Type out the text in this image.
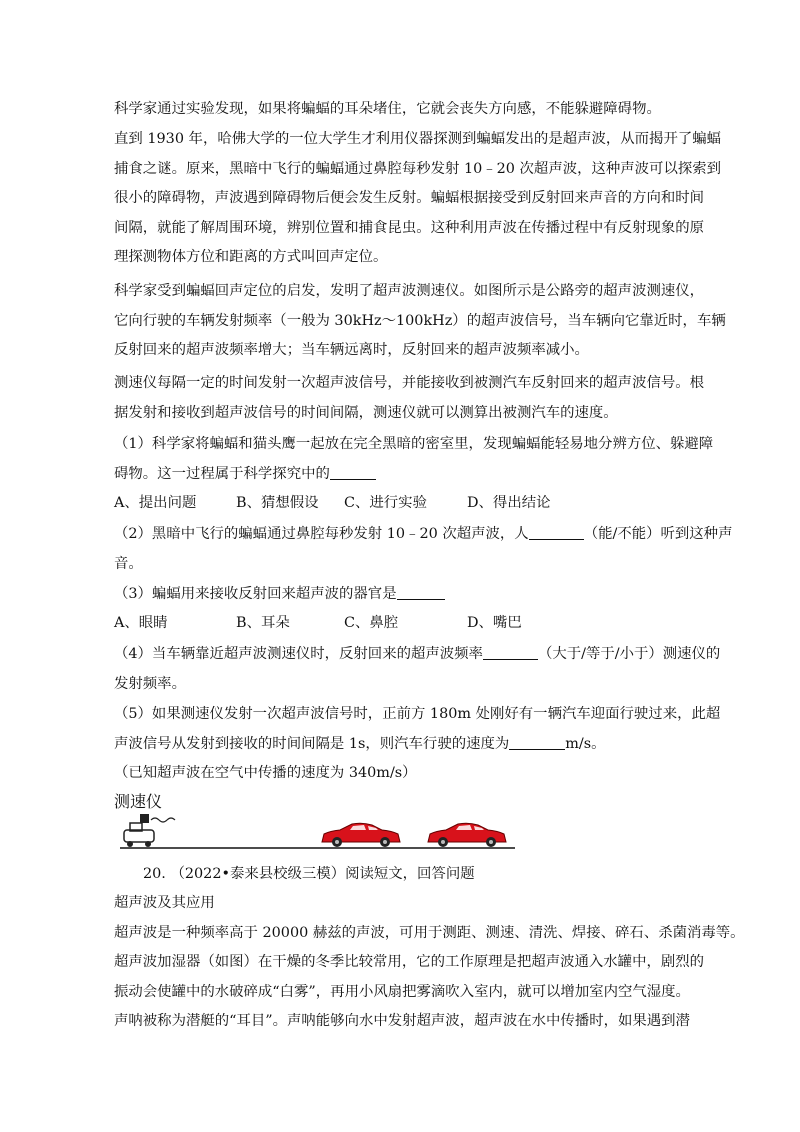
科学家通过实验发现，如果将蝙蝠的耳朵堵住，它就会丧失方向感，不能躲避障碍物。
直到 1930 年，哈佛大学的一位大学生才利用仪器探测到蝙蝠发出的是超声波，从而揭开了蝙蝠
捕食之谜。原来，黑暗中飞行的蝙蝠通过鼻腔每秒发射 10﹣20 次超声波，这种声波可以探索到
很小的障碍物，声波遇到障碍物后便会发生反射。蝙蝠根据接受到反射回来声音的方向和时间
间隔，就能了解周围环境，辨别位置和捕食昆虫。这种利用声波在传播过程中有反射现象的原
理探测物体方位和距离的方式叫回声定位。
科学家受到蝙蝠回声定位的启发，发明了超声波测速仪。如图所示是公路旁的超声波测速仪，
它向行驶的车辆发射频率（一般为 30kHz～100kHz）的超声波信号，当车辆向它靠近时，车辆
反射回来的超声波频率增大；当车辆远离时，反射回来的超声波频率减小。
测速仪每隔一定的时间发射一次超声波信号，并能接收到被测汽车反射回来的超声波信号。根
据发射和接收到超声波信号的时间间隔，测速仪就可以测算出被测汽车的速度。
（1）科学家将蝙蝠和猫头鹰一起放在完全黑暗的密室里，发现蝙蝠能轻易地分辨方位、躲避障
碍物。这一过程属于科学探究中的
A、提出问题	B、猜想假设 C、进行实验	D、得出结论
（2）黑暗中飞行的蝙蝠通过鼻腔每秒发射 10﹣20 次超声波，人	（能/不能）听到这种声
音。
（3）蝙蝠用来接收反射回来超声波的器官是
A、眼睛	B、耳朵	C、鼻腔	D、嘴巴
（4）当车辆靠近超声波测速仪时，反射回来的超声波频率	（大于/等于/小于）测速仪的
发射频率。
（5）如果测速仪发射一次超声波信号时，正前方 180m 处刚好有一辆汽车迎面行驶过来，此超
声波信号从发射到接收的时间间隔是 1s，则汽车行驶的速度为	m/s。
（已知超声波在空气中传播的速度为 340m/s）
测速仪
20. （2022•泰来县校级三模）阅读短文，回答问题
超声波及其应用
超声波是一种频率高于 20000 赫兹的声波，可用于测距、测速、清洗、焊接、碎石、杀菌消毒等。
超声波加湿器（如图）在干燥的冬季比较常用，它的工作原理是把超声波通入水罐中，剧烈的
振动会使罐中的水破碎成“白雾”，再用小风扇把雾滴吹入室内，就可以增加室内空气湿度。
声呐被称为潜艇的“耳目”。声呐能够向水中发射超声波，超声波在水中传播时，如果遇到潜
